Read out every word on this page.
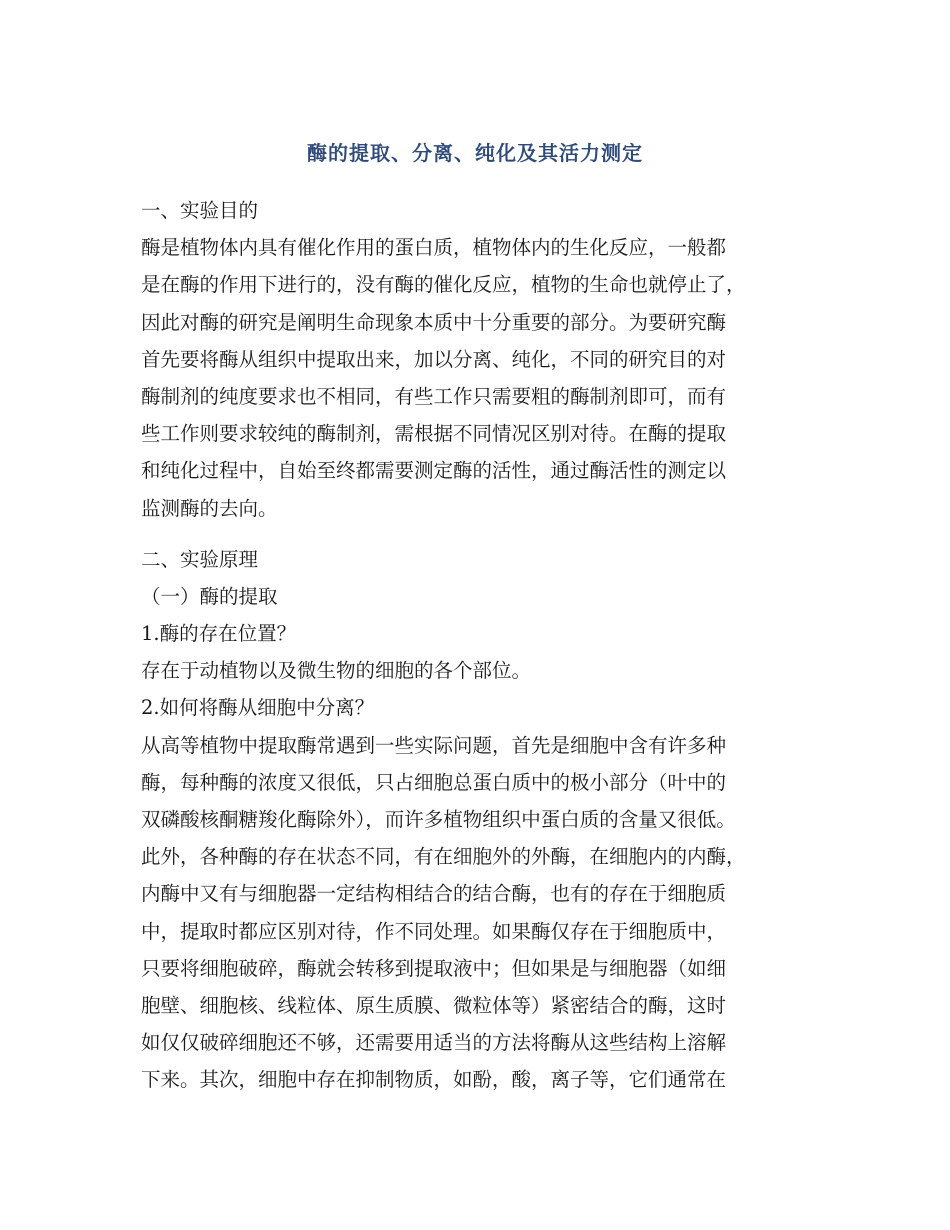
酶的提取、分离、纯化及其活力测定
一、实验目的
酶是植物体内具有催化作用的蛋白质，植物体内的生化反应，一般都
是在酶的作用下进行的，没有酶的催化反应，植物的生命也就停止了，
因此对酶的研究是阐明生命现象本质中十分重要的部分。为要研究酶
首先要将酶从组织中提取出来，加以分离、纯化，不同的研究目的对
酶制剂的纯度要求也不相同，有些工作只需要粗的酶制剂即可，而有
些工作则要求较纯的酶制剂，需根据不同情况区别对待。在酶的提取
和纯化过程中，自始至终都需要测定酶的活性，通过酶活性的测定以
监测酶的去向。
二、实验原理
（一）酶的提取
1.酶的存在位置？
存在于动植物以及微生物的细胞的各个部位。
2.如何将酶从细胞中分离？
从高等植物中提取酶常遇到一些实际问题，首先是细胞中含有许多种
酶，每种酶的浓度又很低，只占细胞总蛋白质中的极小部分（叶中的
双磷酸核酮糖羧化酶除外），而许多植物组织中蛋白质的含量又很低。
此外，各种酶的存在状态不同，有在细胞外的外酶，在细胞内的内酶，
内酶中又有与细胞器一定结构相结合的结合酶，也有的存在于细胞质
中，提取时都应区别对待，作不同处理。如果酶仅存在于细胞质中，
只要将细胞破碎，酶就会转移到提取液中；但如果是与细胞器（如细
胞壁、细胞核、线粒体、原生质膜、微粒体等）紧密结合的酶，这时
如仅仅破碎细胞还不够，还需要用适当的方法将酶从这些结构上溶解
下来。其次，细胞中存在抑制物质，如酚，酸，离子等，它们通常在
